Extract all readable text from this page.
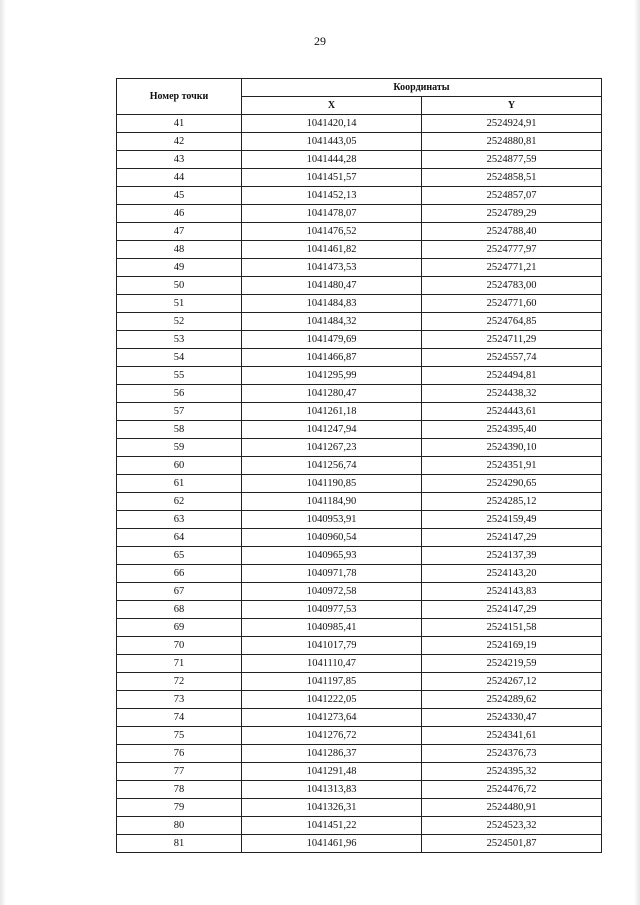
29
Номер точки	Координаты	
	X	Y
41	1041420,14	2524924,91
42	1041443,05	2524880,81
43	1041444,28	2524877,59
44	1041451,57	2524858,51
45	1041452,13	2524857,07
46	1041478,07	2524789,29
47	1041476,52	2524788,40
48	1041461,82	2524777,97
49	1041473,53	2524771,21
50	1041480,47	2524783,00
51	1041484,83	2524771,60
52	1041484,32	2524764,85
53	1041479,69	2524711,29
54	1041466,87	2524557,74
55	1041295,99	2524494,81
56	1041280,47	2524438,32
57	1041261,18	2524443,61
58	1041247,94	2524395,40
59	1041267,23	2524390,10
60	1041256,74	2524351,91
61	1041190,85	2524290,65
62	1041184,90	2524285,12
63	1040953,91	2524159,49
64	1040960,54	2524147,29
65	1040965,93	2524137,39
66	1040971,78	2524143,20
67	1040972,58	2524143,83
68	1040977,53	2524147,29
69	1040985,41	2524151,58
70	1041017,79	2524169,19
71	1041110,47	2524219,59
72	1041197,85	2524267,12
73	1041222,05	2524289,62
74	1041273,64	2524330,47
75	1041276,72	2524341,61
76	1041286,37	2524376,73
77	1041291,48	2524395,32
78	1041313,83	2524476,72
79	1041326,31	2524480,91
80	1041451,22	2524523,32
81	1041461,96	2524501,87
